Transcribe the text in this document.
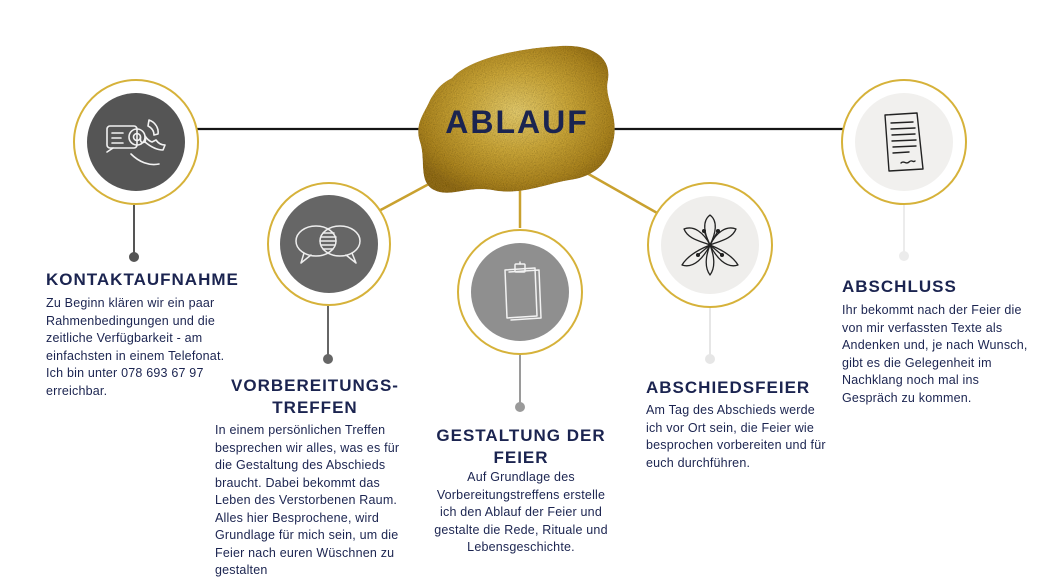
ABLAUF
KONTAKTAUFNAHME
Zu Beginn klären wir ein paar
Rahmenbedingungen und die
zeitliche Verfügbarkeit - am
einfachsten in einem Telefonat.
Ich bin unter 078 693 67 97
erreichbar.	VORBEREITUNGS-
TREFFEN
In einem persönlichen Treffen
besprechen wir alles, was es für
die Gestaltung des Abschieds
braucht. Dabei bekommt das
Leben des Verstorbenen Raum.
Alles hier Besprochene, wird
Grundlage für mich sein, um die
Feier nach euren Wüschnen zu
gestalten
GESTALTUNG DER
FEIER
Auf Grundlage des
Vorbereitungstreffens erstelle
ich den Ablauf der Feier und
gestalte die Rede, Rituale und
Lebensgeschichte.
ABSCHIEDSFEIER
Am Tag des Abschieds werde
ich vor Ort sein, die Feier wie
besprochen vorbereiten und für
euch durchführen.
ABSCHLUSS
Ihr bekommt nach der Feier die
von mir verfassten Texte als
Andenken und, je nach Wunsch,
gibt es die Gelegenheit im
Nachklang noch mal ins
Gespräch zu kommen.
